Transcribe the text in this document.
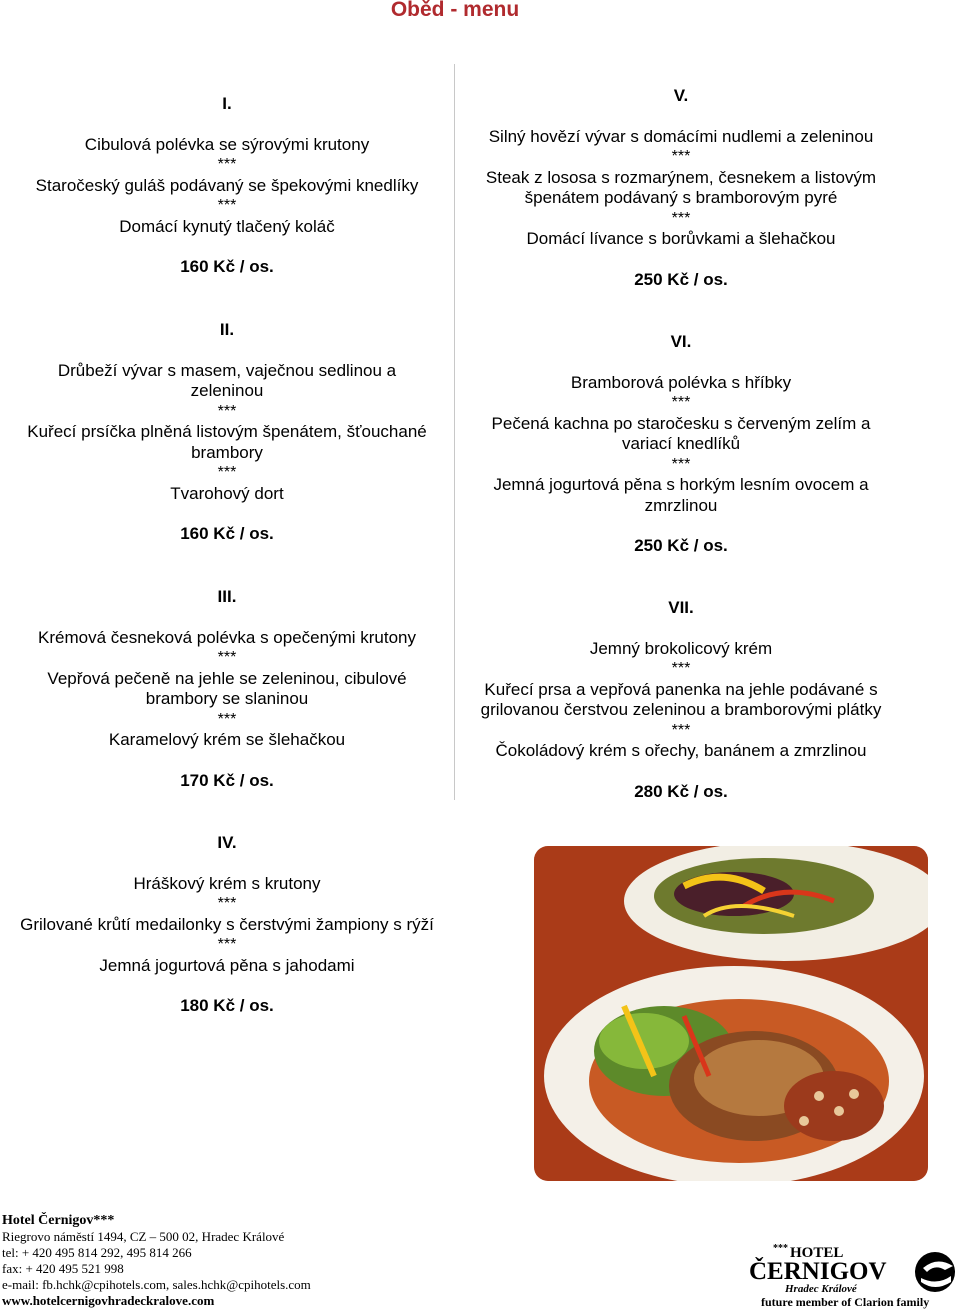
Oběd - menu
I.
Cibulová polévka se sýrovými krutony
***
Staročeský guláš podávaný se špekovými knedlíky
***
Domácí kynutý tlačený koláč
160 Kč / os.
II.
Drůbeží vývar s masem, vaječnou sedlinou a zeleninou
***
Kuřecí prsíčka plněná listovým špenátem, šťouchané brambory
***
Tvarohový dort
160 Kč / os.
III.
Krémová česneková polévka s opečenými krutony
***
Vepřová pečeně na jehle se zeleninou, cibulové brambory se slaninou
***
Karamelový krém se šlehačkou
170 Kč / os.
IV.
Hráškový krém s krutony
***
Grilované krůtí medailonky s čerstvými žampiony s rýží
***
Jemná jogurtová pěna s jahodami
180 Kč / os.
V.
Silný hovězí vývar s domácími nudlemi a zeleninou
***
Steak z lososa s rozmarýnem, česnekem a listovým špenátem podávaný s bramborovým pyré
***
Domácí lívance s borůvkami a šlehačkou
250 Kč / os.
VI.
Bramborová polévka s hříbky
***
Pečená kachna po staročesku s červeným zelím a variací knedlíků
***
Jemná jogurtová pěna s horkým lesním ovocem a zmrzlinou
250 Kč / os.
VII.
Jemný brokolicový krém
***
Kuřecí prsa a vepřová panenka na jehle podávané s grilovanou čerstvou zeleninou a bramborovými plátky
***
Čokoládový krém s ořechy, banánem a zmrzlinou
280 Kč / os.
Hotel Černigov***
Riegrovo náměstí 1494, CZ – 500 02, Hradec Králové
tel: + 420 495 814 292, 495 814 266
fax: + 420 495 521 998
e-mail: fb.hchk@cpihotels.com, sales.hchk@cpihotels.com
www.hotelcernigovhradeckralove.com
*** HOTEL
ČERNIGOV
Hradec Králové
future member of Clarion family
